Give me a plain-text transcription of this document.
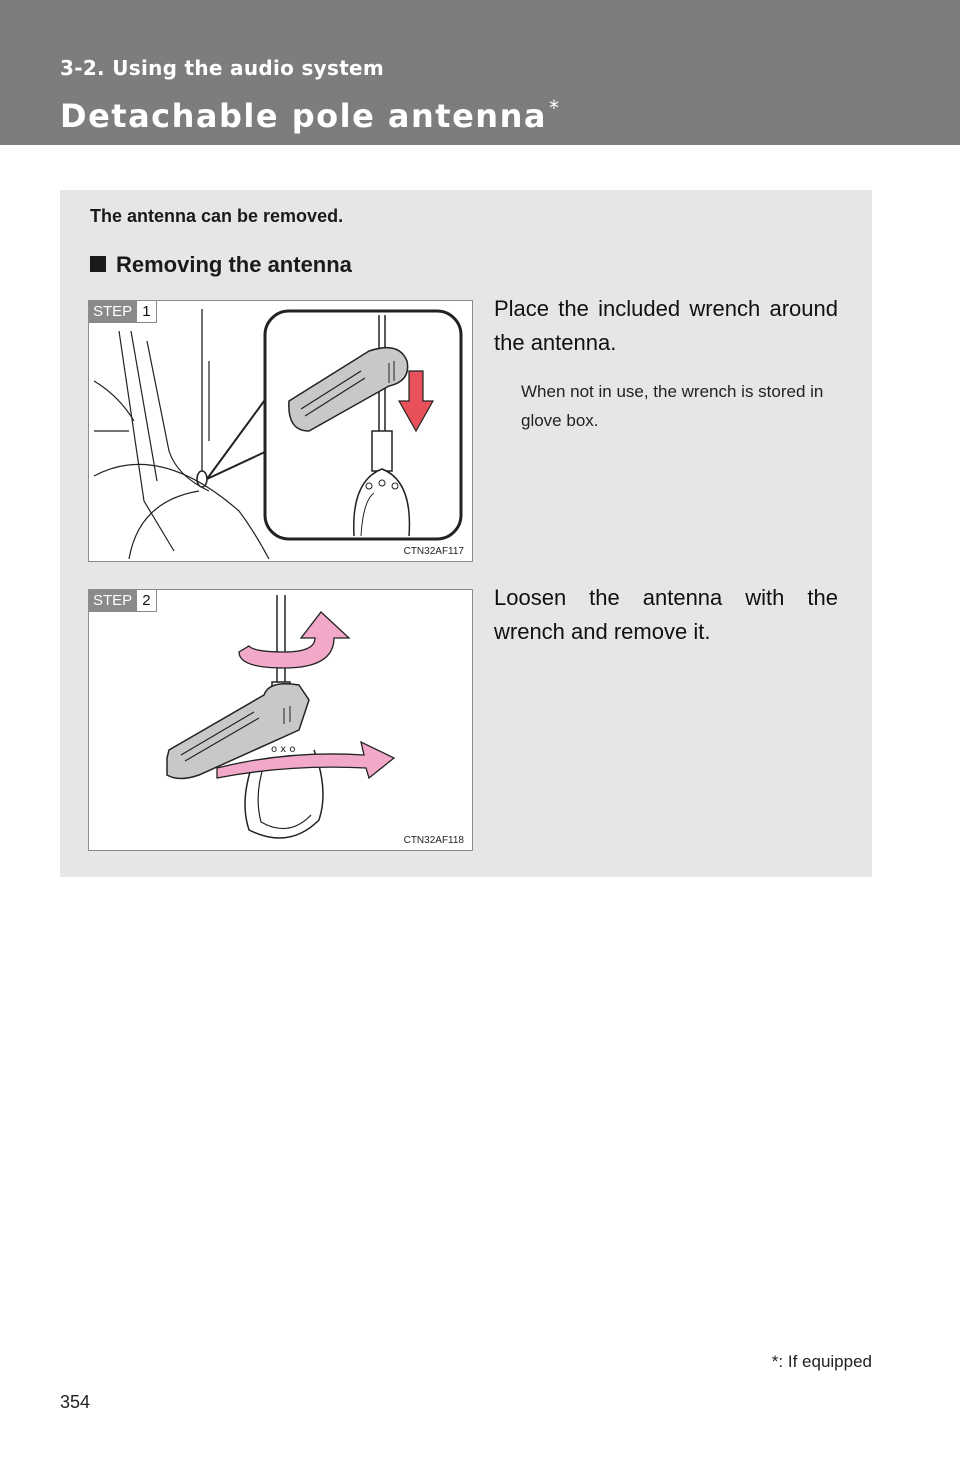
3-2. Using the audio system
Detachable pole antenna *
The antenna can be removed.
Removing the antenna
STEP 1
CTN32AF117
Place the included wrench around the antenna.
When not in use, the wrench is stored in glove box.
o x o
STEP 2
CTN32AF118
Loosen the antenna with the wrench and remove it.
*: If equipped
354
